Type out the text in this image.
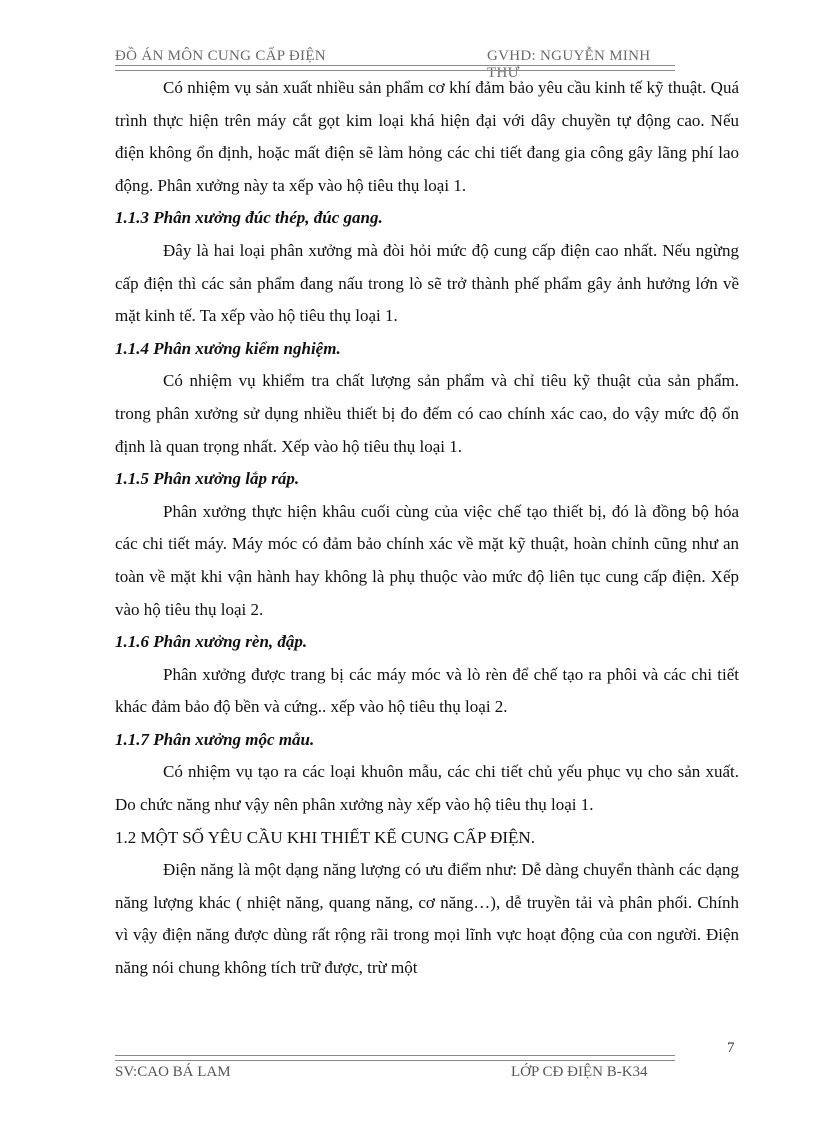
ĐỒ ÁN MÔN CUNG CẤP ĐIỆN	GVHD: NGUYỄN MINH THƯ

Có nhiệm vụ sản xuất nhiều sản phẩm cơ khí đảm bảo yêu cầu kinh tế kỹ thuật. Quá trình thực hiện trên máy cắt gọt kim loại khá hiện đại với dây chuyền tự động cao. Nếu điện không ổn định, hoặc mất điện sẽ làm hỏng các chi tiết đang gia công gây lãng phí lao động. Phân xưởng này ta xếp vào hộ tiêu thụ loại 1.

1.1.3 Phân xưởng đúc thép, đúc gang.

Đây là hai loại phân xưởng mà đòi hỏi mức độ cung cấp điện cao nhất. Nếu ngừng cấp điện thì các sản phẩm đang nấu trong lò sẽ trở thành phế phẩm gây ảnh hưởng lớn về mặt kinh tế. Ta xếp vào hộ tiêu thụ loại 1.

1.1.4 Phân xưởng kiểm nghiệm.

Có nhiệm vụ khiểm tra chất lượng sản phẩm và chỉ tiêu kỹ thuật của sản phẩm. trong phân xưởng sử dụng nhiều thiết bị đo đếm có cao chính xác cao, do vậy mức độ ổn định là quan trọng nhất. Xếp vào hộ tiêu thụ loại 1.

1.1.5 Phân xưởng lắp ráp.

Phân xưởng thực hiện khâu cuối cùng của việc chế tạo thiết bị, đó là đồng bộ hóa các chi tiết máy. Máy móc có đảm bảo chính xác về mặt kỹ thuật, hoàn chỉnh cũng như an toàn về mặt khi vận hành hay không là phụ thuộc vào mức độ liên tục cung cấp điện. Xếp vào hộ tiêu thụ loại 2.

1.1.6 Phân xưởng rèn, đập.

Phân xưởng được trang bị các máy móc và lò rèn để chế tạo ra phôi và các chi tiết khác đảm bảo độ bền và cứng.. xếp vào hộ tiêu thụ loại 2.

1.1.7 Phân xưởng mộc mẫu.

Có nhiệm vụ tạo ra các loại khuôn mẫu, các chi tiết chủ yếu phục vụ cho sản xuất. Do chức năng như vậy nên phân xưởng này xếp vào hộ tiêu thụ loại 1.

1.2 MỘT SỐ YÊU CẦU KHI THIẾT KẾ CUNG CẤP ĐIỆN.

Điện năng là một dạng năng lượng có ưu điểm như: Dễ dàng chuyển thành các dạng năng lượng khác ( nhiệt năng, quang năng, cơ năng…), dễ truyền tải và phân phối. Chính vì vậy điện năng được dùng rất rộng rãi trong mọi lĩnh vực hoạt động của con người. Điện năng nói chung không tích trữ được, trừ một

7
SV:CAO BÁ LAM	LỚP CĐ ĐIỆN B-K34
